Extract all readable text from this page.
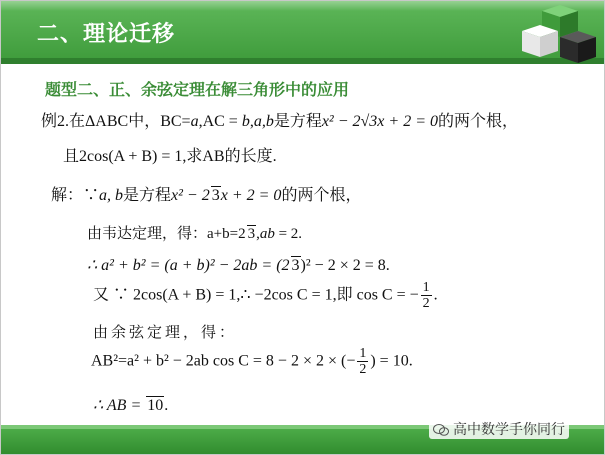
二、理论迁移
题型二、正、余弦定理在解三角形中的应用
例2.在ΔABC中，BC=a,AC = b,a,b是方程x² − 2√3x + 2 = 0的两个根，
且2cos(A + B) = 1,求AB的长度.
解：∵a, b是方程x² − 2 3x + 2 = 0的两个根，
由韦达定理，得：a+b=2 3,ab = 2.
∴ a² + b² = (a + b)² − 2ab = (2 3)² − 2 × 2 = 8.
又 ∵ 2cos(A + B) = 1,∴ −2cos C = 1,即 cos C = − $\frac{1}{2}$ .
由余弦定理，得：
AB²=a² + b² − 2ab cos C = 8 − 2 × 2 × (− $\frac{1}{2}$ ) = 10.
∴ AB = 10.
高中数学手你同行
